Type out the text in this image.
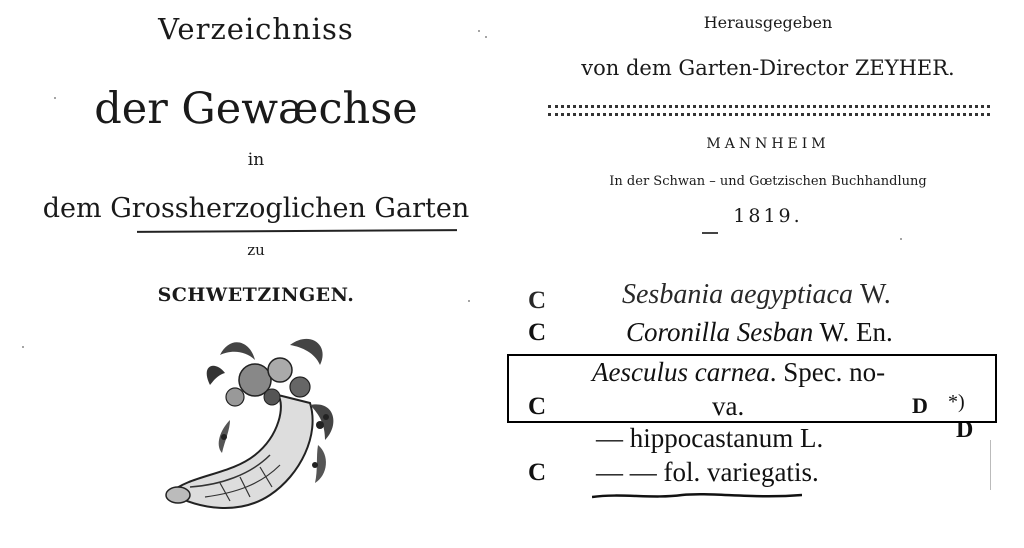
Verzeichniss
der Gewæchse
in
dem Grossherzoglichen Garten
zu
SCHWETZINGEN.
Herausgegeben
von dem Garten-Director ZEYHER.
MANNHEIM
In der Schwan – und Gœtzischen Buchhandlung
1819.
C	Sesbania aegyptiaca W.
C	Coronilla Sesban W. En.
Aesculus carnea. Spec. no-
C	va.	D *)
— hippocastanum L.	D
C — — fol. variegatis.
